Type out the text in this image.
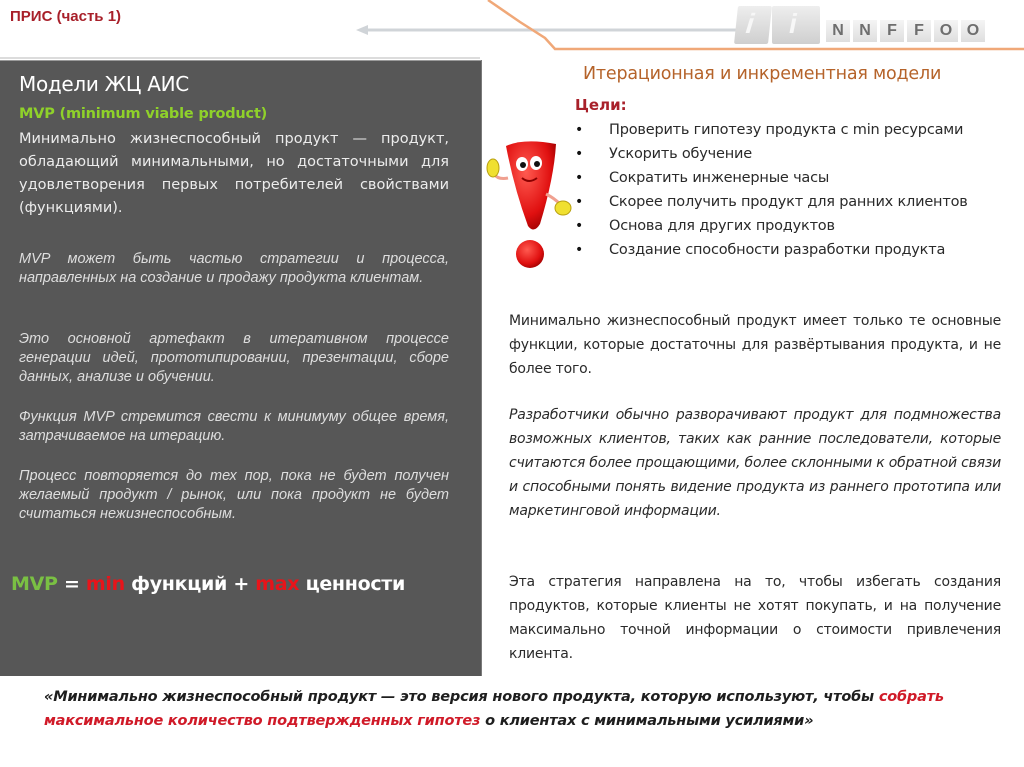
ПРИС (часть 1)	i i	N N	F	F O O
Модели ЖЦ АИС
MVP (minimum viable product)
Минимально жизнеспособный продукт — продукт, обладающий минимальными, но достаточными для удовлетворения первых потребителей свойствами (функциями).
MVP может быть частью стратегии и процесса, направленных на создание и продажу продукта клиентам.
Это основной артефакт в итеративном процессе генерации идей, прототипировании, презентации, сборе данных, анализе и обучении.
Функция MVP стремится свести к минимуму общее время, затрачиваемое на итерацию.
Процесс повторяется до тех пор, пока не будет получен желаемый продукт / рынок, или пока продукт не будет считаться нежизнеспособным.
MVP = min функций + max ценности
Итерационная и инкрементная модели
Цели:
• Проверить гипотезу продукта с min ресурсами
• Ускорить обучение
• Сократить инженерные часы
• Скорее получить продукт для ранних клиентов
• Основа для других продуктов
• Создание способности разработки продукта
Минимально жизнеспособный продукт имеет только те основные функции, которые достаточны для развёртывания продукта, и не более того.
Разработчики обычно разворачивают продукт для подмножества возможных клиентов, таких как ранние последователи, которые считаются более прощающими, более склонными к обратной связи и способными понять видение продукта из раннего прототипа или маркетинговой информации.
Эта стратегия направлена на то, чтобы избегать создания продуктов, которые клиенты не хотят покупать, и на получение максимально точной информации о стоимости привлечения клиента.
«Минимально жизнеспособный продукт — это версия нового продукта, которую используют, чтобы собрать максимальное количество подтвержденных гипотез о клиентах с минимальными усилиями»
